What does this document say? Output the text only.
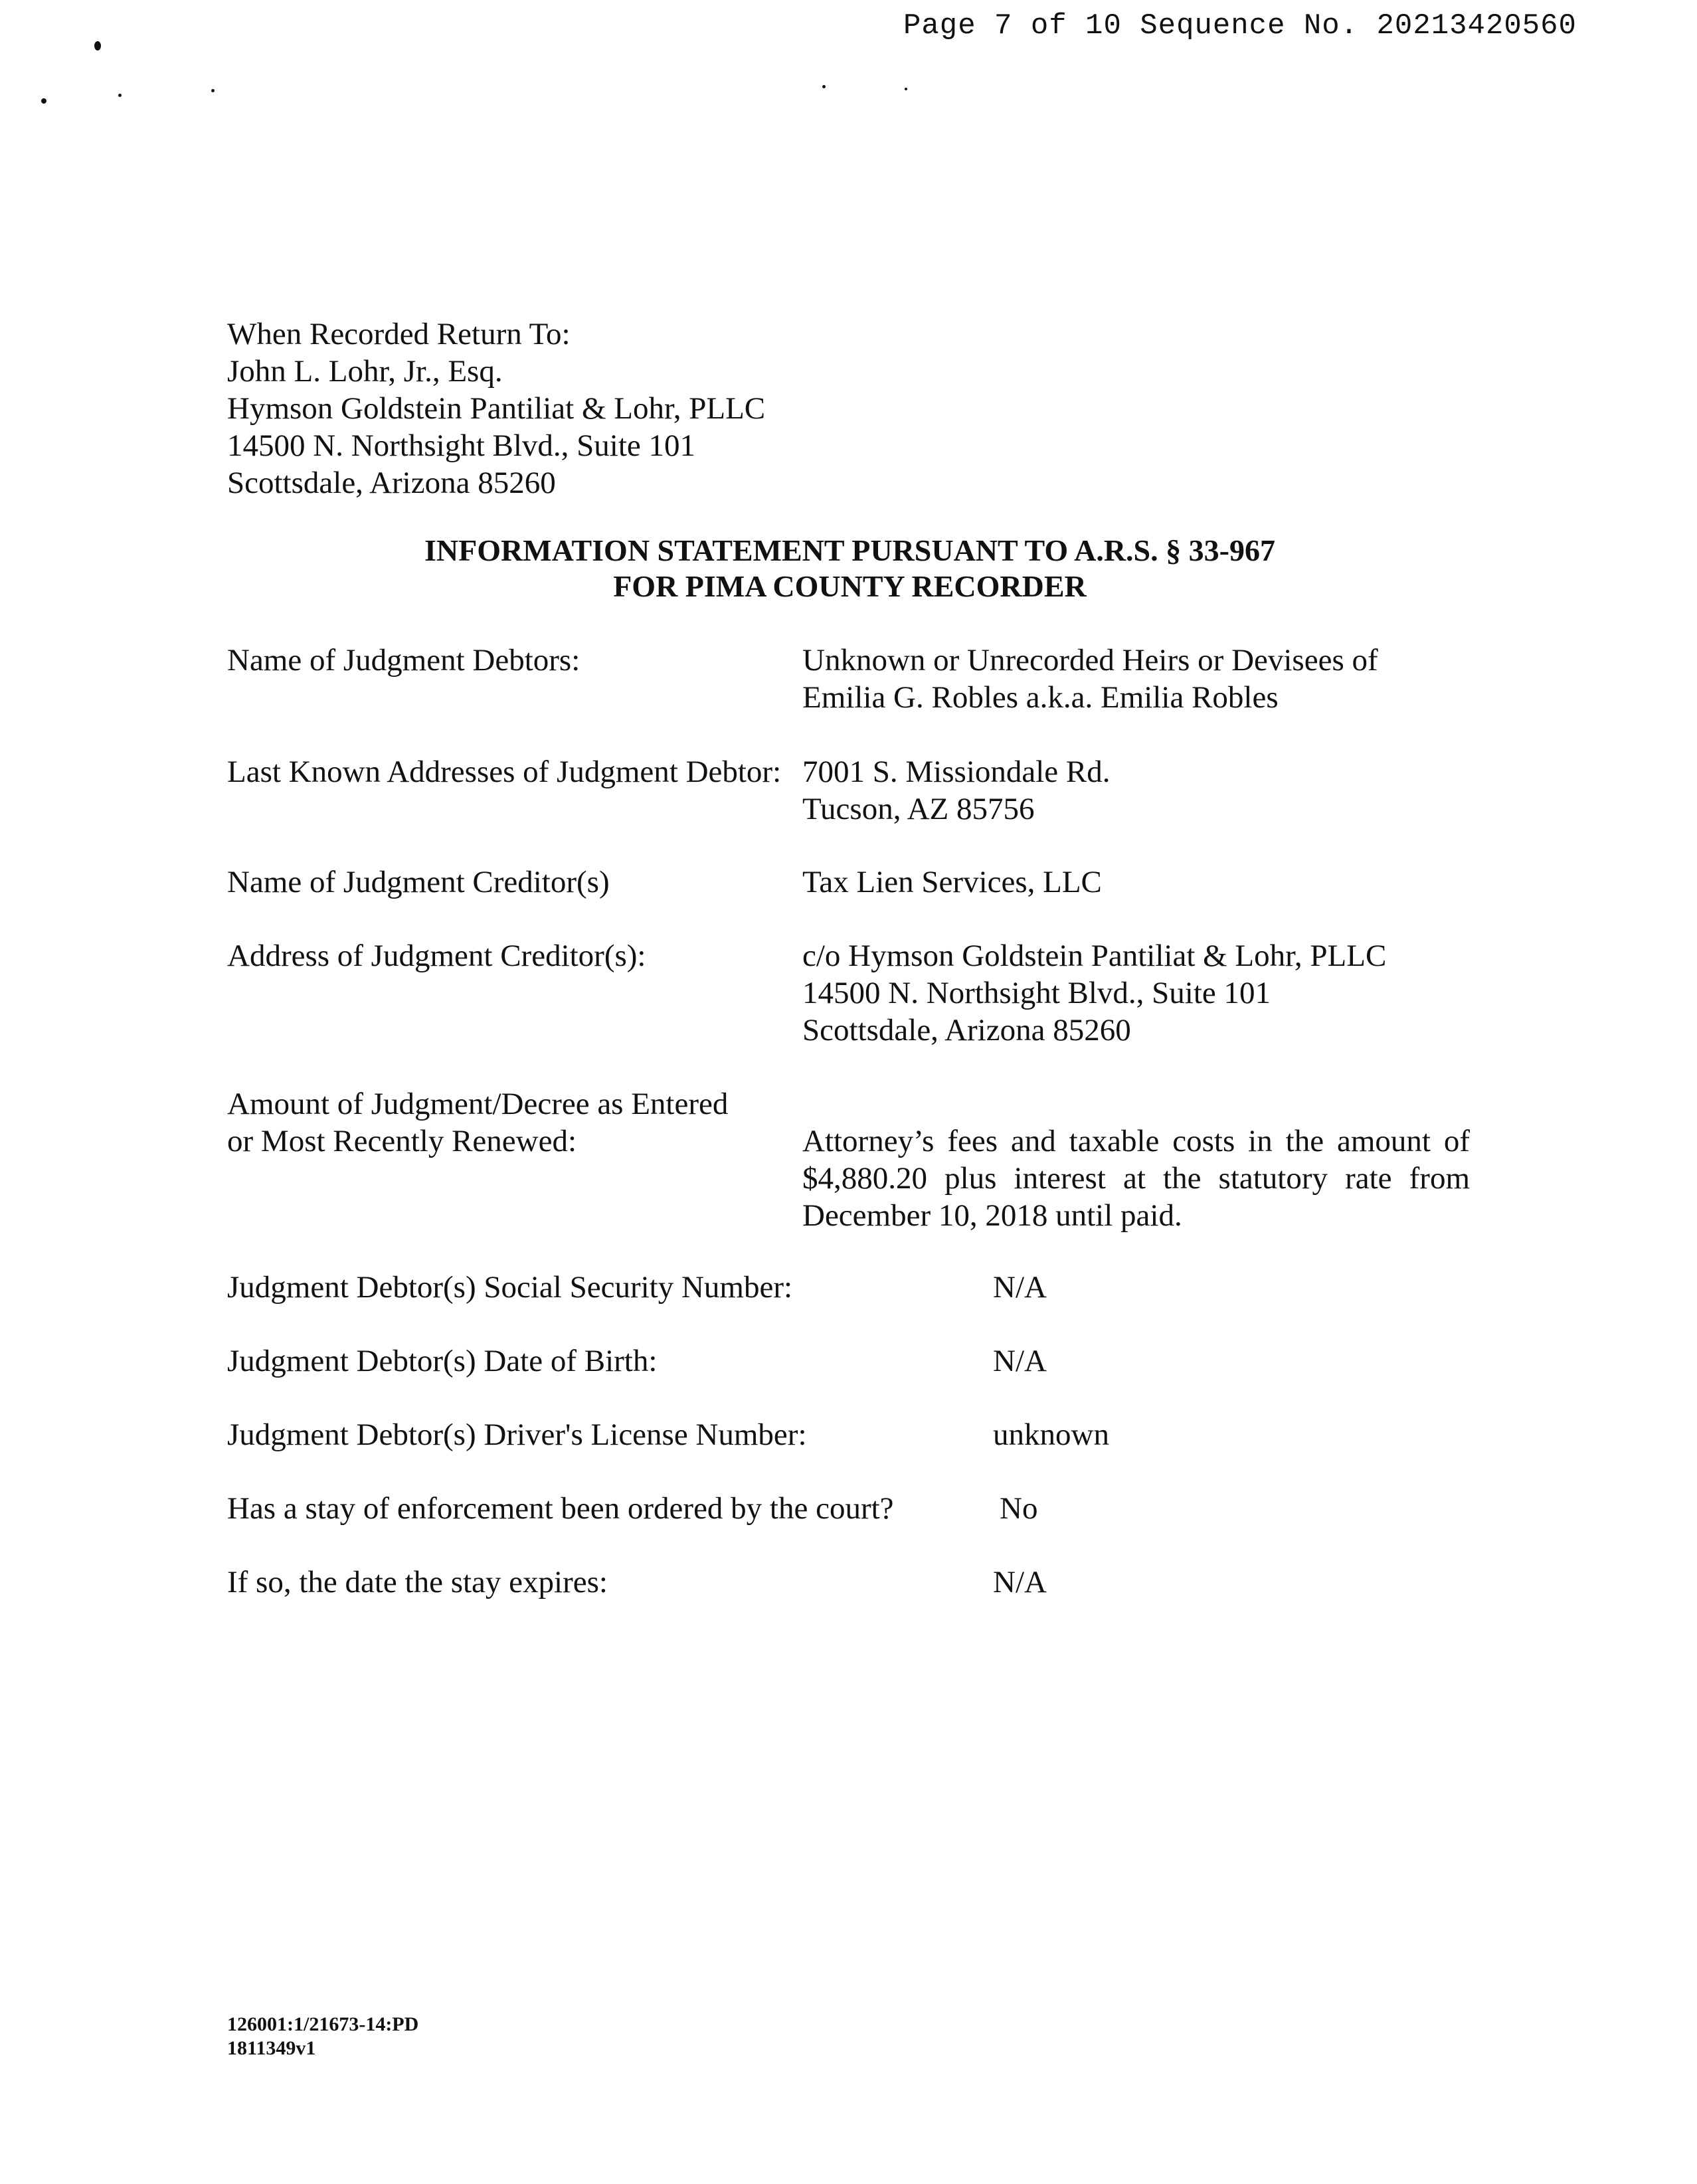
Page 7 of 10 Sequence No. 20213420560
When Recorded Return To:
John L. Lohr, Jr., Esq.
Hymson Goldstein Pantiliat & Lohr, PLLC
14500 N. Northsight Blvd., Suite 101
Scottsdale, Arizona 85260
INFORMATION STATEMENT PURSUANT TO A.R.S. § 33-967
FOR PIMA COUNTY RECORDER
Name of Judgment Debtors:	Unknown or Unrecorded Heirs or Devisees of
Emilia G. Robles a.k.a. Emilia Robles
Last Known Addresses of Judgment Debtor: 7001 S. Missiondale Rd.
Tucson, AZ 85756
Name of Judgment Creditor(s)	Tax Lien Services, LLC
Address of Judgment Creditor(s):	c/o Hymson Goldstein Pantiliat & Lohr, PLLC
14500 N. Northsight Blvd., Suite 101
Scottsdale, Arizona 85260
Amount of Judgment/Decree as Entered
or Most Recently Renewed:	Attorney’s fees and taxable costs in the amount of $4,880.20 plus interest at the statutory rate from December 10, 2018 until paid.
Judgment Debtor(s) Social Security Number:	N/A
Judgment Debtor(s) Date of Birth:	N/A
Judgment Debtor(s) Driver's License Number:	unknown
Has a stay of enforcement been ordered by the court?	No
If so, the date the stay expires:	N/A
126001:1/21673-14:PD
1811349v1
